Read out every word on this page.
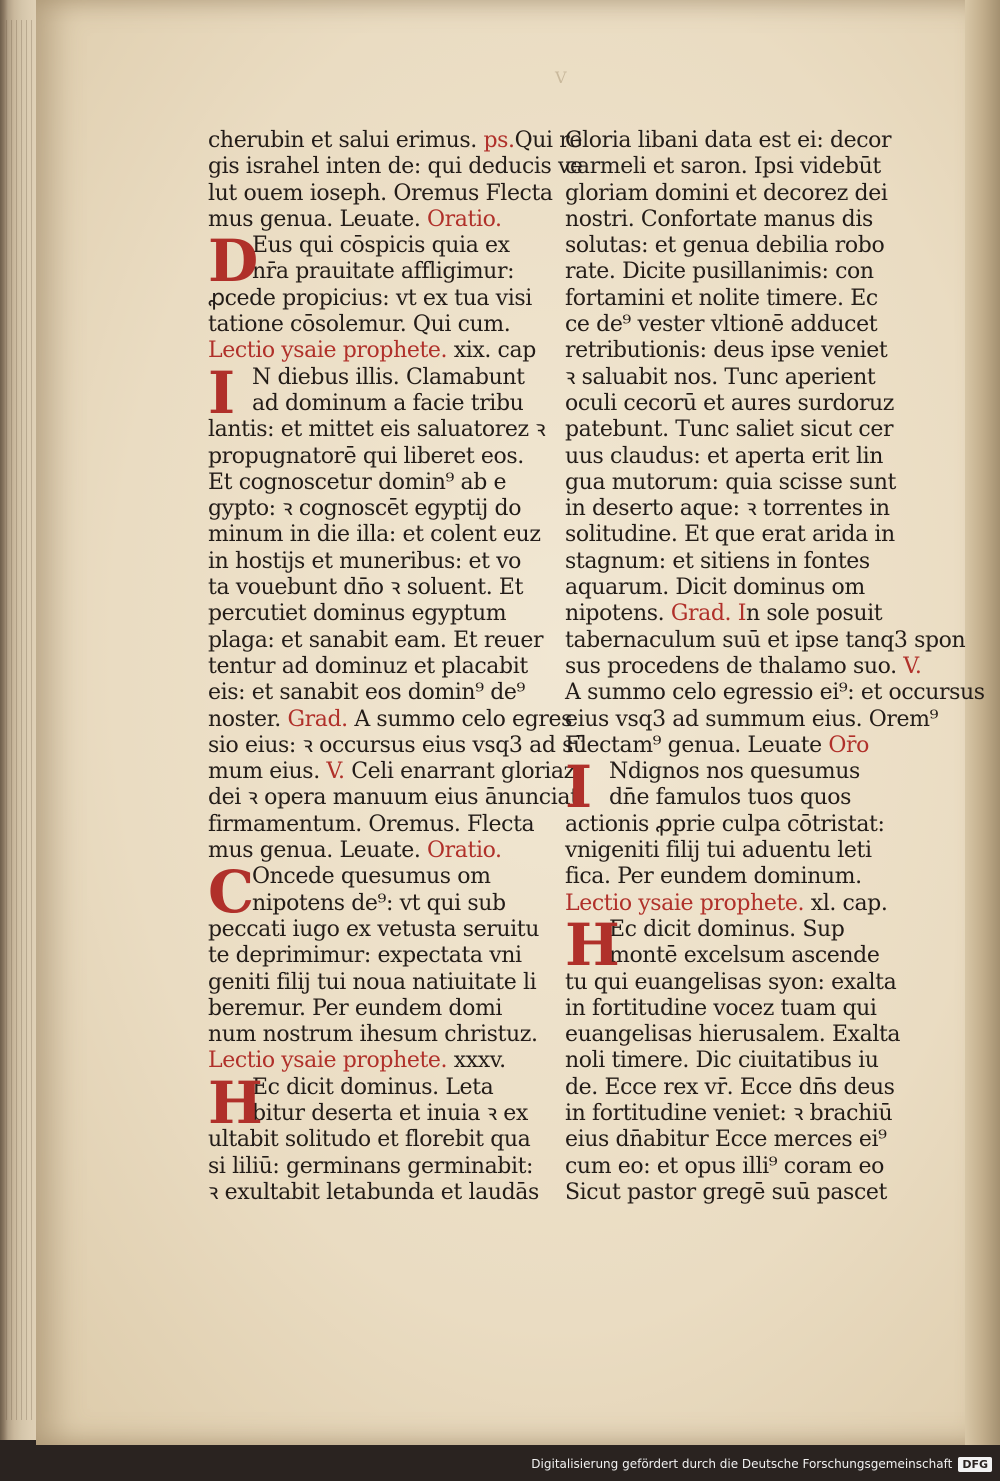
V
cherubin et salui erimus. ps.Qui re
gis israhel inten de: qui deducis ve
lut ouem ioseph. Oremus Flecta
mus genua. Leuate. Oratio.
D
Eus qui cōspicis quia ex
nr̄a prauitate affligimur:
ꝓcede propicius: vt ex tua visi
tatione cōsolemur. Qui cum.
Lectio ysaie prophete. xix. cap
I N diebus illis. Clamabunt
ad dominum a facie tribu
lantis: et mittet eis saluatorez ꝛ
propugnatorē qui liberet eos.
Et cognoscetur domin⁹ ab e
gypto: ꝛ cognoscēt egyptij do
minum in die illa: et colent euz
in hostijs et muneribus: et vo
ta vouebunt dn̄o ꝛ soluent. Et
percutiet dominus egyptum
plaga: et sanabit eam. Et reuer
tentur ad dominuz et placabit
eis: et sanabit eos domin⁹ de⁹
noster. Grad. A summo celo egres
sio eius: ꝛ occursus eius vsq3 ad sū
mum eius. V. Celi enarrant gloriaz
dei ꝛ opera manuum eius ānunciat
firmamentum. Oremus. Flecta
mus genua. Leuate. Oratio.
C
Oncede quesumus om
nipotens de⁹: vt qui sub
peccati iugo ex vetusta seruitu
te deprimimur: expectata vni
geniti filij tui noua natiuitate li
beremur. Per eundem domi
num nostrum ihesum christuz.
Lectio ysaie prophete. xxxv.
H
Ec dicit dominus. Leta
bitur deserta et inuia ꝛ ex
ultabit solitudo et florebit qua
si liliū: germinans germinabit:
ꝛ exultabit letabunda et laudās
Gloria libani data est ei: decor
carmeli et saron. Ipsi videbūt
gloriam domini et decorez dei
nostri. Confortate manus dis
solutas: et genua debilia robo
rate. Dicite pusillanimis: con
fortamini et nolite timere. Ec
ce de⁹ vester vltionē adducet
retributionis: deus ipse veniet
ꝛ saluabit nos. Tunc aperient
oculi cecorū et aures surdoruz
patebunt. Tunc saliet sicut cer
uus claudus: et aperta erit lin
gua mutorum: quia scisse sunt
in deserto aque: ꝛ torrentes in
solitudine. Et que erat arida in
stagnum: et sitiens in fontes
aquarum. Dicit dominus om
nipotens. Grad. In sole posuit
tabernaculum suū et ipse tanq3 spon
sus procedens de thalamo suo. V.
A summo celo egressio ei⁹: et occursus
eius vsq3 ad summum eius. Orem⁹
Flectam⁹ genua. Leuate Or̄o
I Ndignos nos quesumus
dn̄e famulos tuos quos
actionis ꝓprie culpa cōtristat:
vnigeniti filij tui aduentu leti
fica. Per eundem dominum.
Lectio ysaie prophete. xl. cap.
H
Ec dicit dominus. Sup
montē excelsum ascende
tu qui euangelisas syon: exalta
in fortitudine vocez tuam qui
euangelisas hierusalem. Exalta
noli timere. Dic ciuitatibus iu
de. Ecce rex vr̄. Ecce dn̄s deus
in fortitudine veniet: ꝛ brachiū
eius dn̄abitur Ecce merces ei⁹
cum eo: et opus illi⁹ coram eo
Sicut pastor gregē suū pascet
Digitalisierung gefördert durch die Deutsche Forschungsgemeinschaft DFG
